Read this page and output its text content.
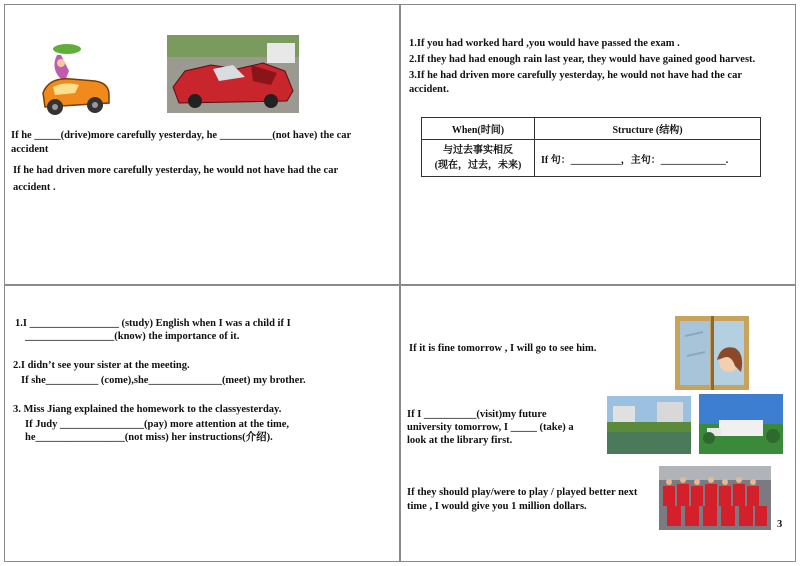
If he _____(drive)more carefully yesterday, he __________(not have) the car accident
If he had driven more carefully yesterday, he would not have had the car accident .
1.If you had worked hard ,you would have passed the exam .
2.If they had had enough rain last year, they would have gained good harvest.
3.If he had driven more carefully yesterday, he would not have had the car accident.
When(时间)	Structure (结构)

与过去事实相反
(现在，过去，未来)	If 句：__________，主句：_____________.
1.I _________________ (study) English when I was a child if I
_________________(know) the importance of it.
2.I didn’t see your sister at the meeting.
If she__________ (come),she______________(meet) my brother.
3. Miss Jiang explained the homework to the classyesterday.
If Judy ________________(pay) more attention at the time,
he_________________(not miss) her instructions(介绍).
If it is fine tomorrow , I will go to see him.
If I __________(visit)my future
university tomorrow, I _____ (take) a
look at the library first.
If they should play/were to play / played better next
time , I would give you 1 million dollars.
3
